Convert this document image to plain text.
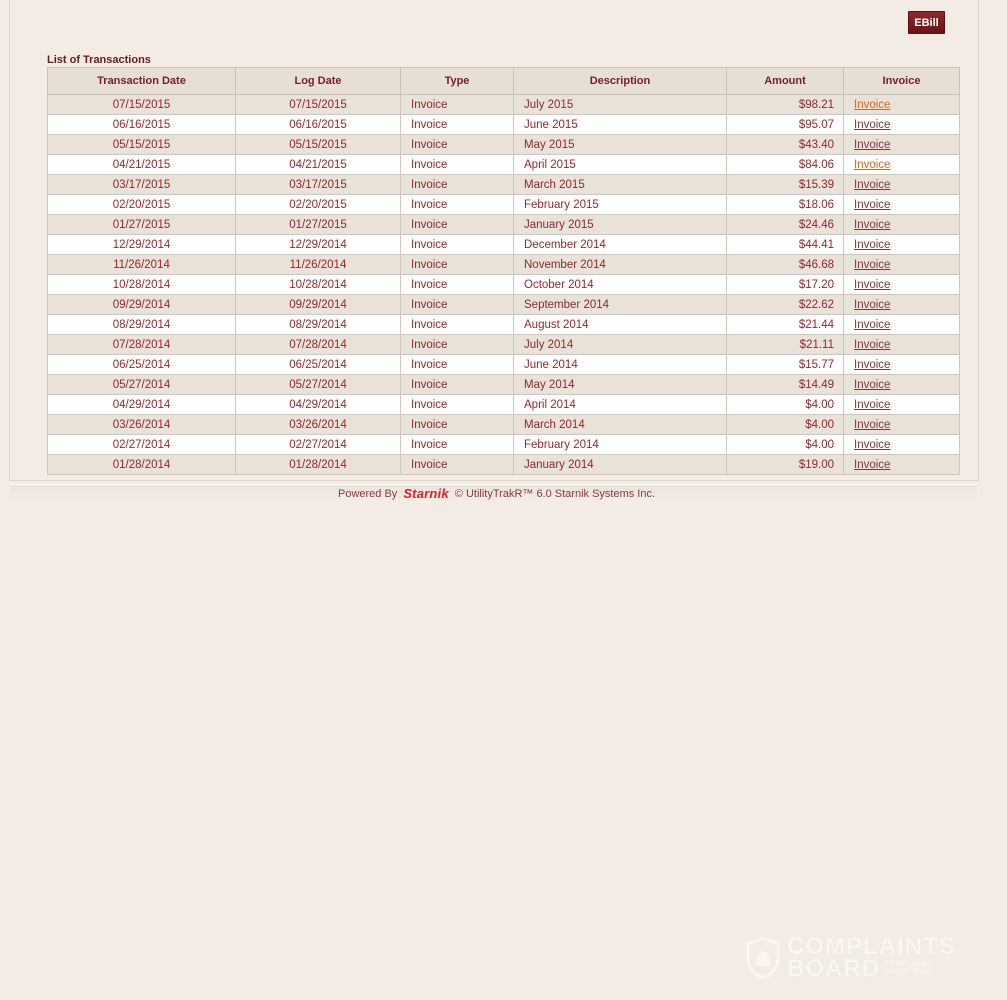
EBill
List of Transactions
Transaction Date	Log Date	Type	Description	Amount	Invoice
07/15/2015	07/15/2015	Invoice	July 2015	$98.21	Invoice
06/16/2015	06/16/2015	Invoice	June 2015	$95.07	Invoice
05/15/2015	05/15/2015	Invoice	May 2015	$43.40	Invoice
04/21/2015	04/21/2015	Invoice	April 2015	$84.06	Invoice
03/17/2015	03/17/2015	Invoice	March 2015	$15.39	Invoice
02/20/2015	02/20/2015	Invoice	February 2015	$18.06	Invoice
01/27/2015	01/27/2015	Invoice	January 2015	$24.46	Invoice
12/29/2014	12/29/2014	Invoice	December 2014	$44.41	Invoice
11/26/2014	11/26/2014	Invoice	November 2014	$46.68	Invoice
10/28/2014	10/28/2014	Invoice	October 2014	$17.20	Invoice
09/29/2014	09/29/2014	Invoice	September 2014	$22.62	Invoice
08/29/2014	08/29/2014	Invoice	August 2014	$21.44	Invoice
07/28/2014	07/28/2014	Invoice	July 2014	$21.11	Invoice
06/25/2014	06/25/2014	Invoice	June 2014	$15.77	Invoice
05/27/2014	05/27/2014	Invoice	May 2014	$14.49	Invoice
04/29/2014	04/29/2014	Invoice	April 2014	$4.00	Invoice
03/26/2014	03/26/2014	Invoice	March 2014	$4.00	Invoice
02/27/2014	02/27/2014	Invoice	February 2014	$4.00	Invoice
01/28/2014	01/28/2014	Invoice	January 2014	$19.00	Invoice
Powered By Starnik © UtilityTrakR™ 6.0 Starnik Systems Inc.
COMPLAINTS
BOARD RESOLVING
SINCE 2006
